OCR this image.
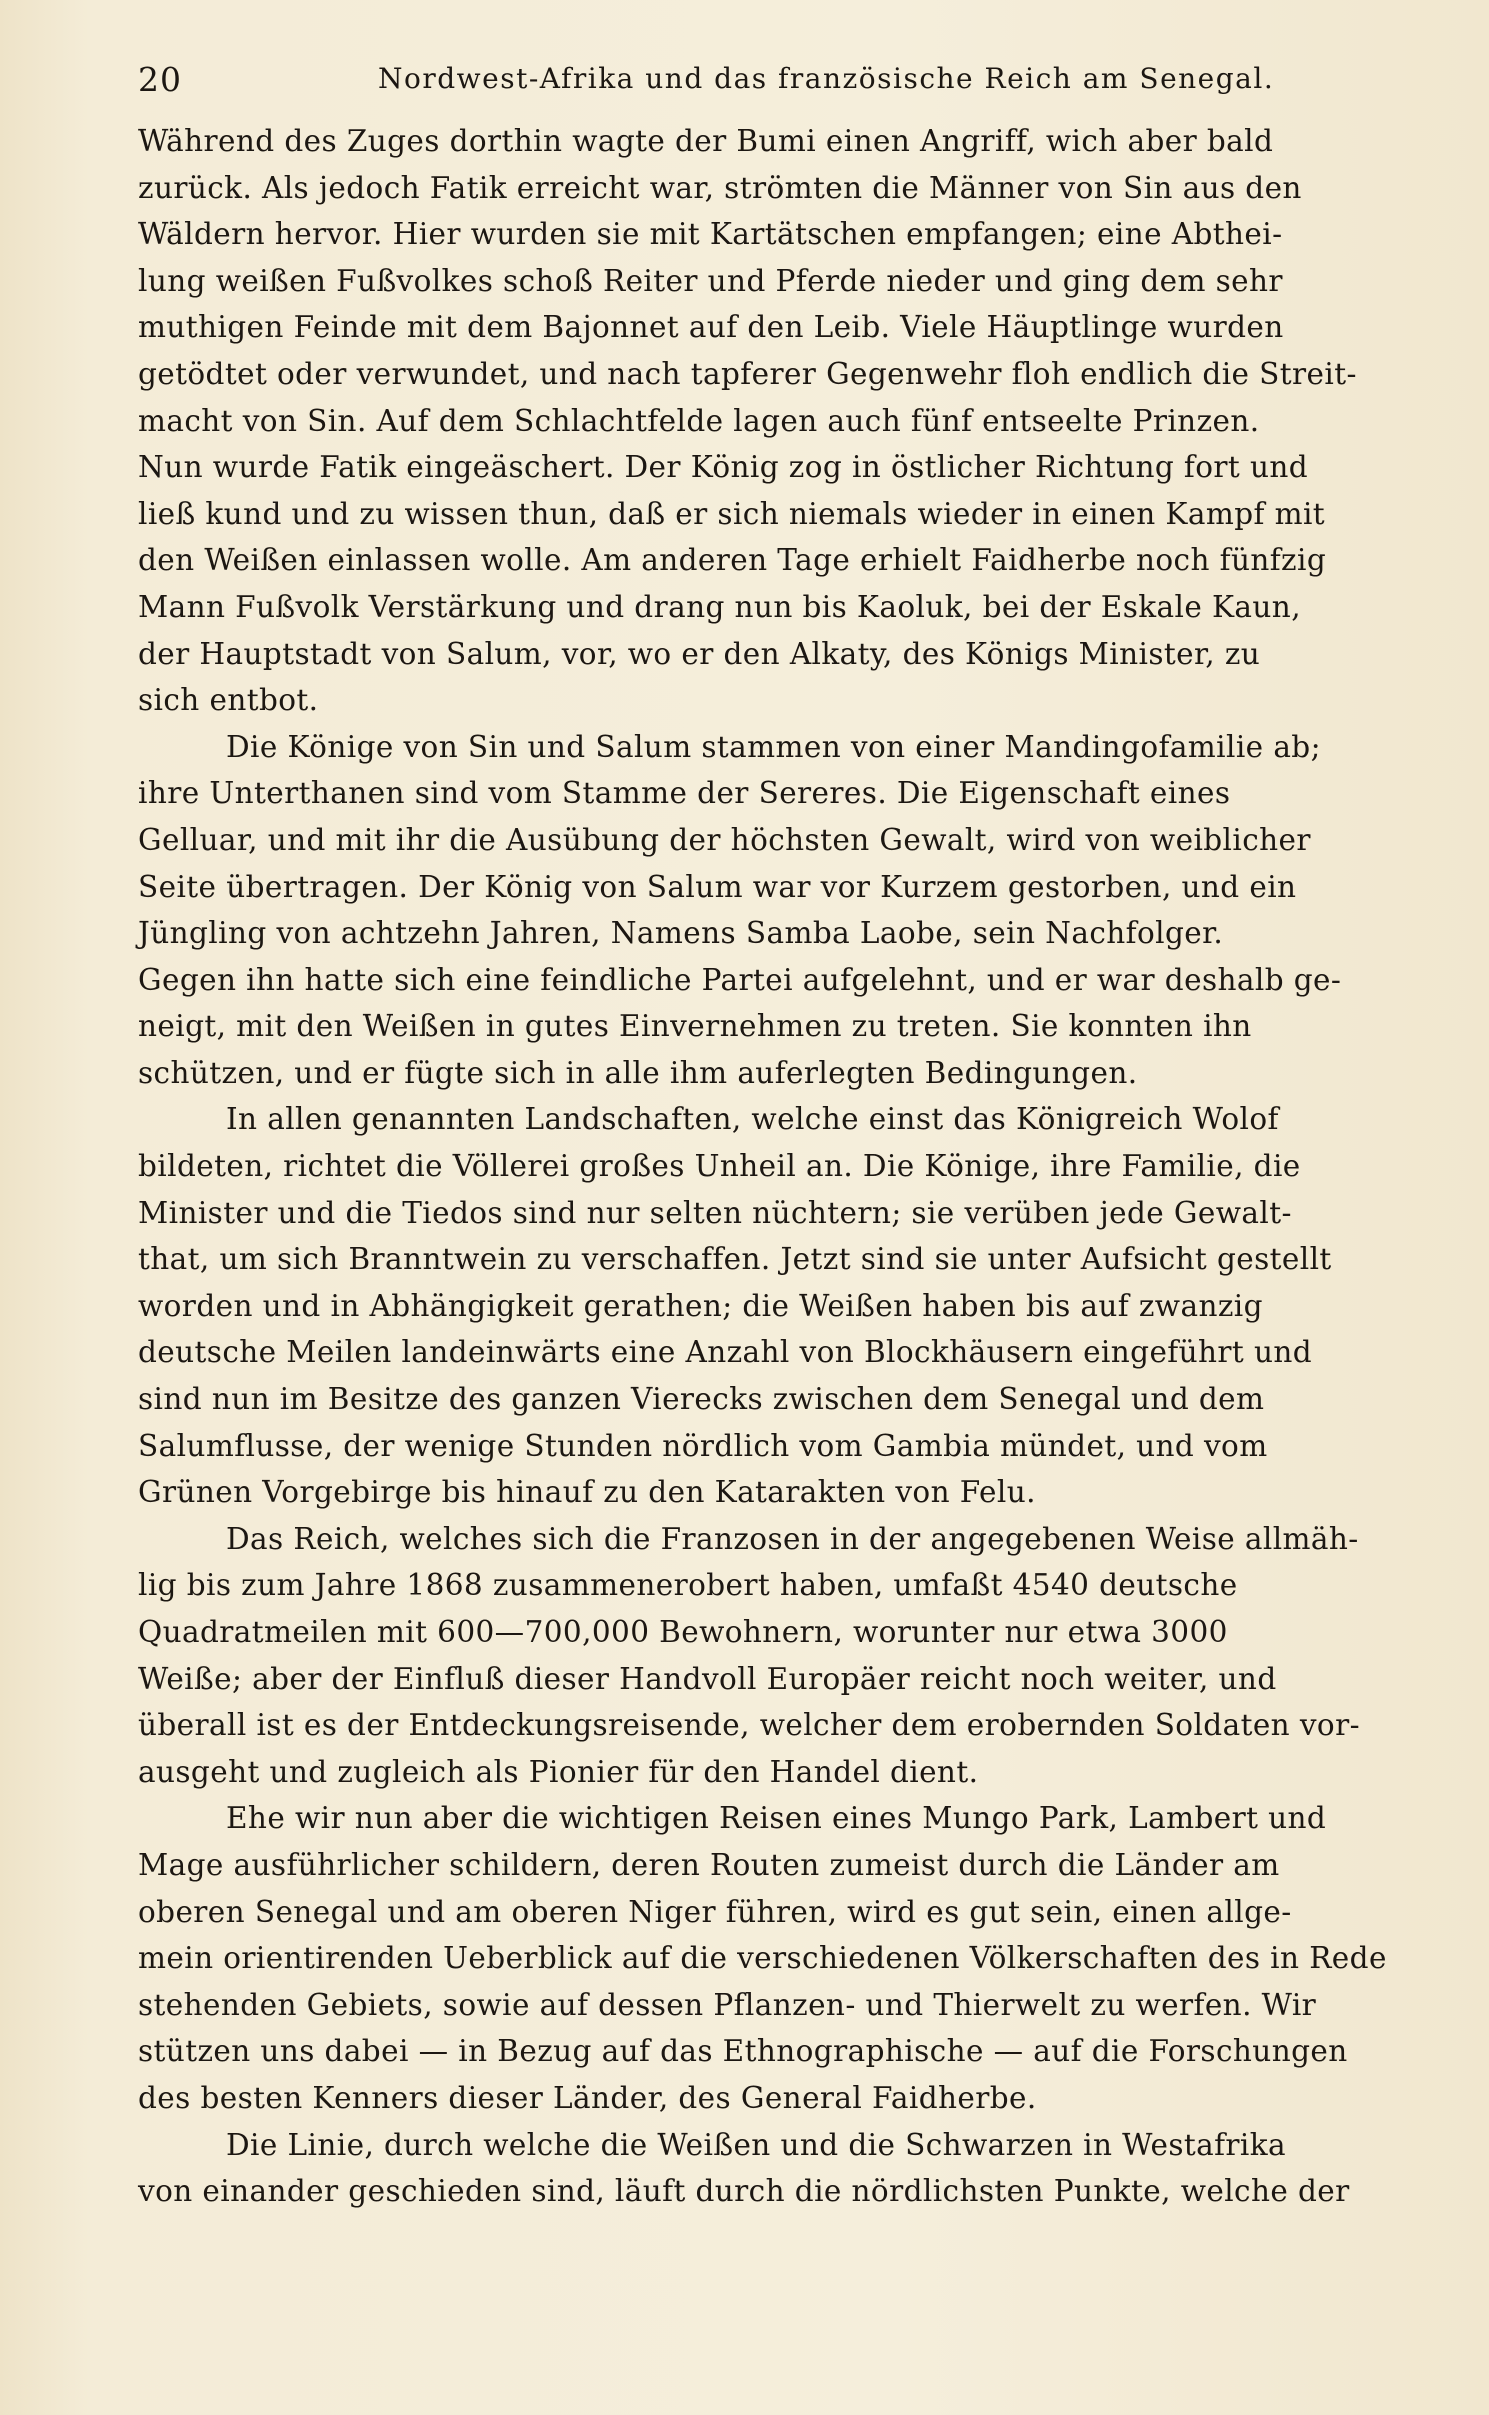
20	Nordwest-Afrika und das französische Reich am Senegal.
Während des Zuges dorthin wagte der Bumi einen Angriff, wich aber bald
zurück. Als jedoch Fatik erreicht war, strömten die Männer von Sin aus den
Wäldern hervor. Hier wurden sie mit Kartätschen empfangen; eine Abthei-
lung weißen Fußvolkes schoß Reiter und Pferde nieder und ging dem sehr
muthigen Feinde mit dem Bajonnet auf den Leib. Viele Häuptlinge wurden
getödtet oder verwundet, und nach tapferer Gegenwehr floh endlich die Streit-
macht von Sin. Auf dem Schlachtfelde lagen auch fünf entseelte Prinzen.
Nun wurde Fatik eingeäschert. Der König zog in östlicher Richtung fort und
ließ kund und zu wissen thun, daß er sich niemals wieder in einen Kampf mit
den Weißen einlassen wolle. Am anderen Tage erhielt Faidherbe noch fünfzig
Mann Fußvolk Verstärkung und drang nun bis Kaoluk, bei der Eskale Kaun,
der Hauptstadt von Salum, vor, wo er den Alkaty, des Königs Minister, zu
sich entbot.
Die Könige von Sin und Salum stammen von einer Mandingofamilie ab;
ihre Unterthanen sind vom Stamme der Sereres. Die Eigenschaft eines
Gelluar, und mit ihr die Ausübung der höchsten Gewalt, wird von weiblicher
Seite übertragen. Der König von Salum war vor Kurzem gestorben, und ein
Jüngling von achtzehn Jahren, Namens Samba Laobe, sein Nachfolger.
Gegen ihn hatte sich eine feindliche Partei aufgelehnt, und er war deshalb ge-
neigt, mit den Weißen in gutes Einvernehmen zu treten. Sie konnten ihn
schützen, und er fügte sich in alle ihm auferlegten Bedingungen.
In allen genannten Landschaften, welche einst das Königreich Wolof
bildeten, richtet die Völlerei großes Unheil an. Die Könige, ihre Familie, die
Minister und die Tiedos sind nur selten nüchtern; sie verüben jede Gewalt-
that, um sich Branntwein zu verschaffen. Jetzt sind sie unter Aufsicht gestellt
worden und in Abhängigkeit gerathen; die Weißen haben bis auf zwanzig
deutsche Meilen landeinwärts eine Anzahl von Blockhäusern eingeführt und
sind nun im Besitze des ganzen Vierecks zwischen dem Senegal und dem
Salumflusse, der wenige Stunden nördlich vom Gambia mündet, und vom
Grünen Vorgebirge bis hinauf zu den Katarakten von Felu.
Das Reich, welches sich die Franzosen in der angegebenen Weise allmäh-
lig bis zum Jahre 1868 zusammenerobert haben, umfaßt 4540 deutsche
Quadratmeilen mit 600—700,000 Bewohnern, worunter nur etwa 3000
Weiße; aber der Einfluß dieser Handvoll Europäer reicht noch weiter, und
überall ist es der Entdeckungsreisende, welcher dem erobernden Soldaten vor-
ausgeht und zugleich als Pionier für den Handel dient.
Ehe wir nun aber die wichtigen Reisen eines Mungo Park, Lambert und
Mage ausführlicher schildern, deren Routen zumeist durch die Länder am
oberen Senegal und am oberen Niger führen, wird es gut sein, einen allge-
mein orientirenden Ueberblick auf die verschiedenen Völkerschaften des in Rede
stehenden Gebiets, sowie auf dessen Pflanzen- und Thierwelt zu werfen. Wir
stützen uns dabei — in Bezug auf das Ethnographische — auf die Forschungen
des besten Kenners dieser Länder, des General Faidherbe.
Die Linie, durch welche die Weißen und die Schwarzen in Westafrika
von einander geschieden sind, läuft durch die nördlichsten Punkte, welche der
